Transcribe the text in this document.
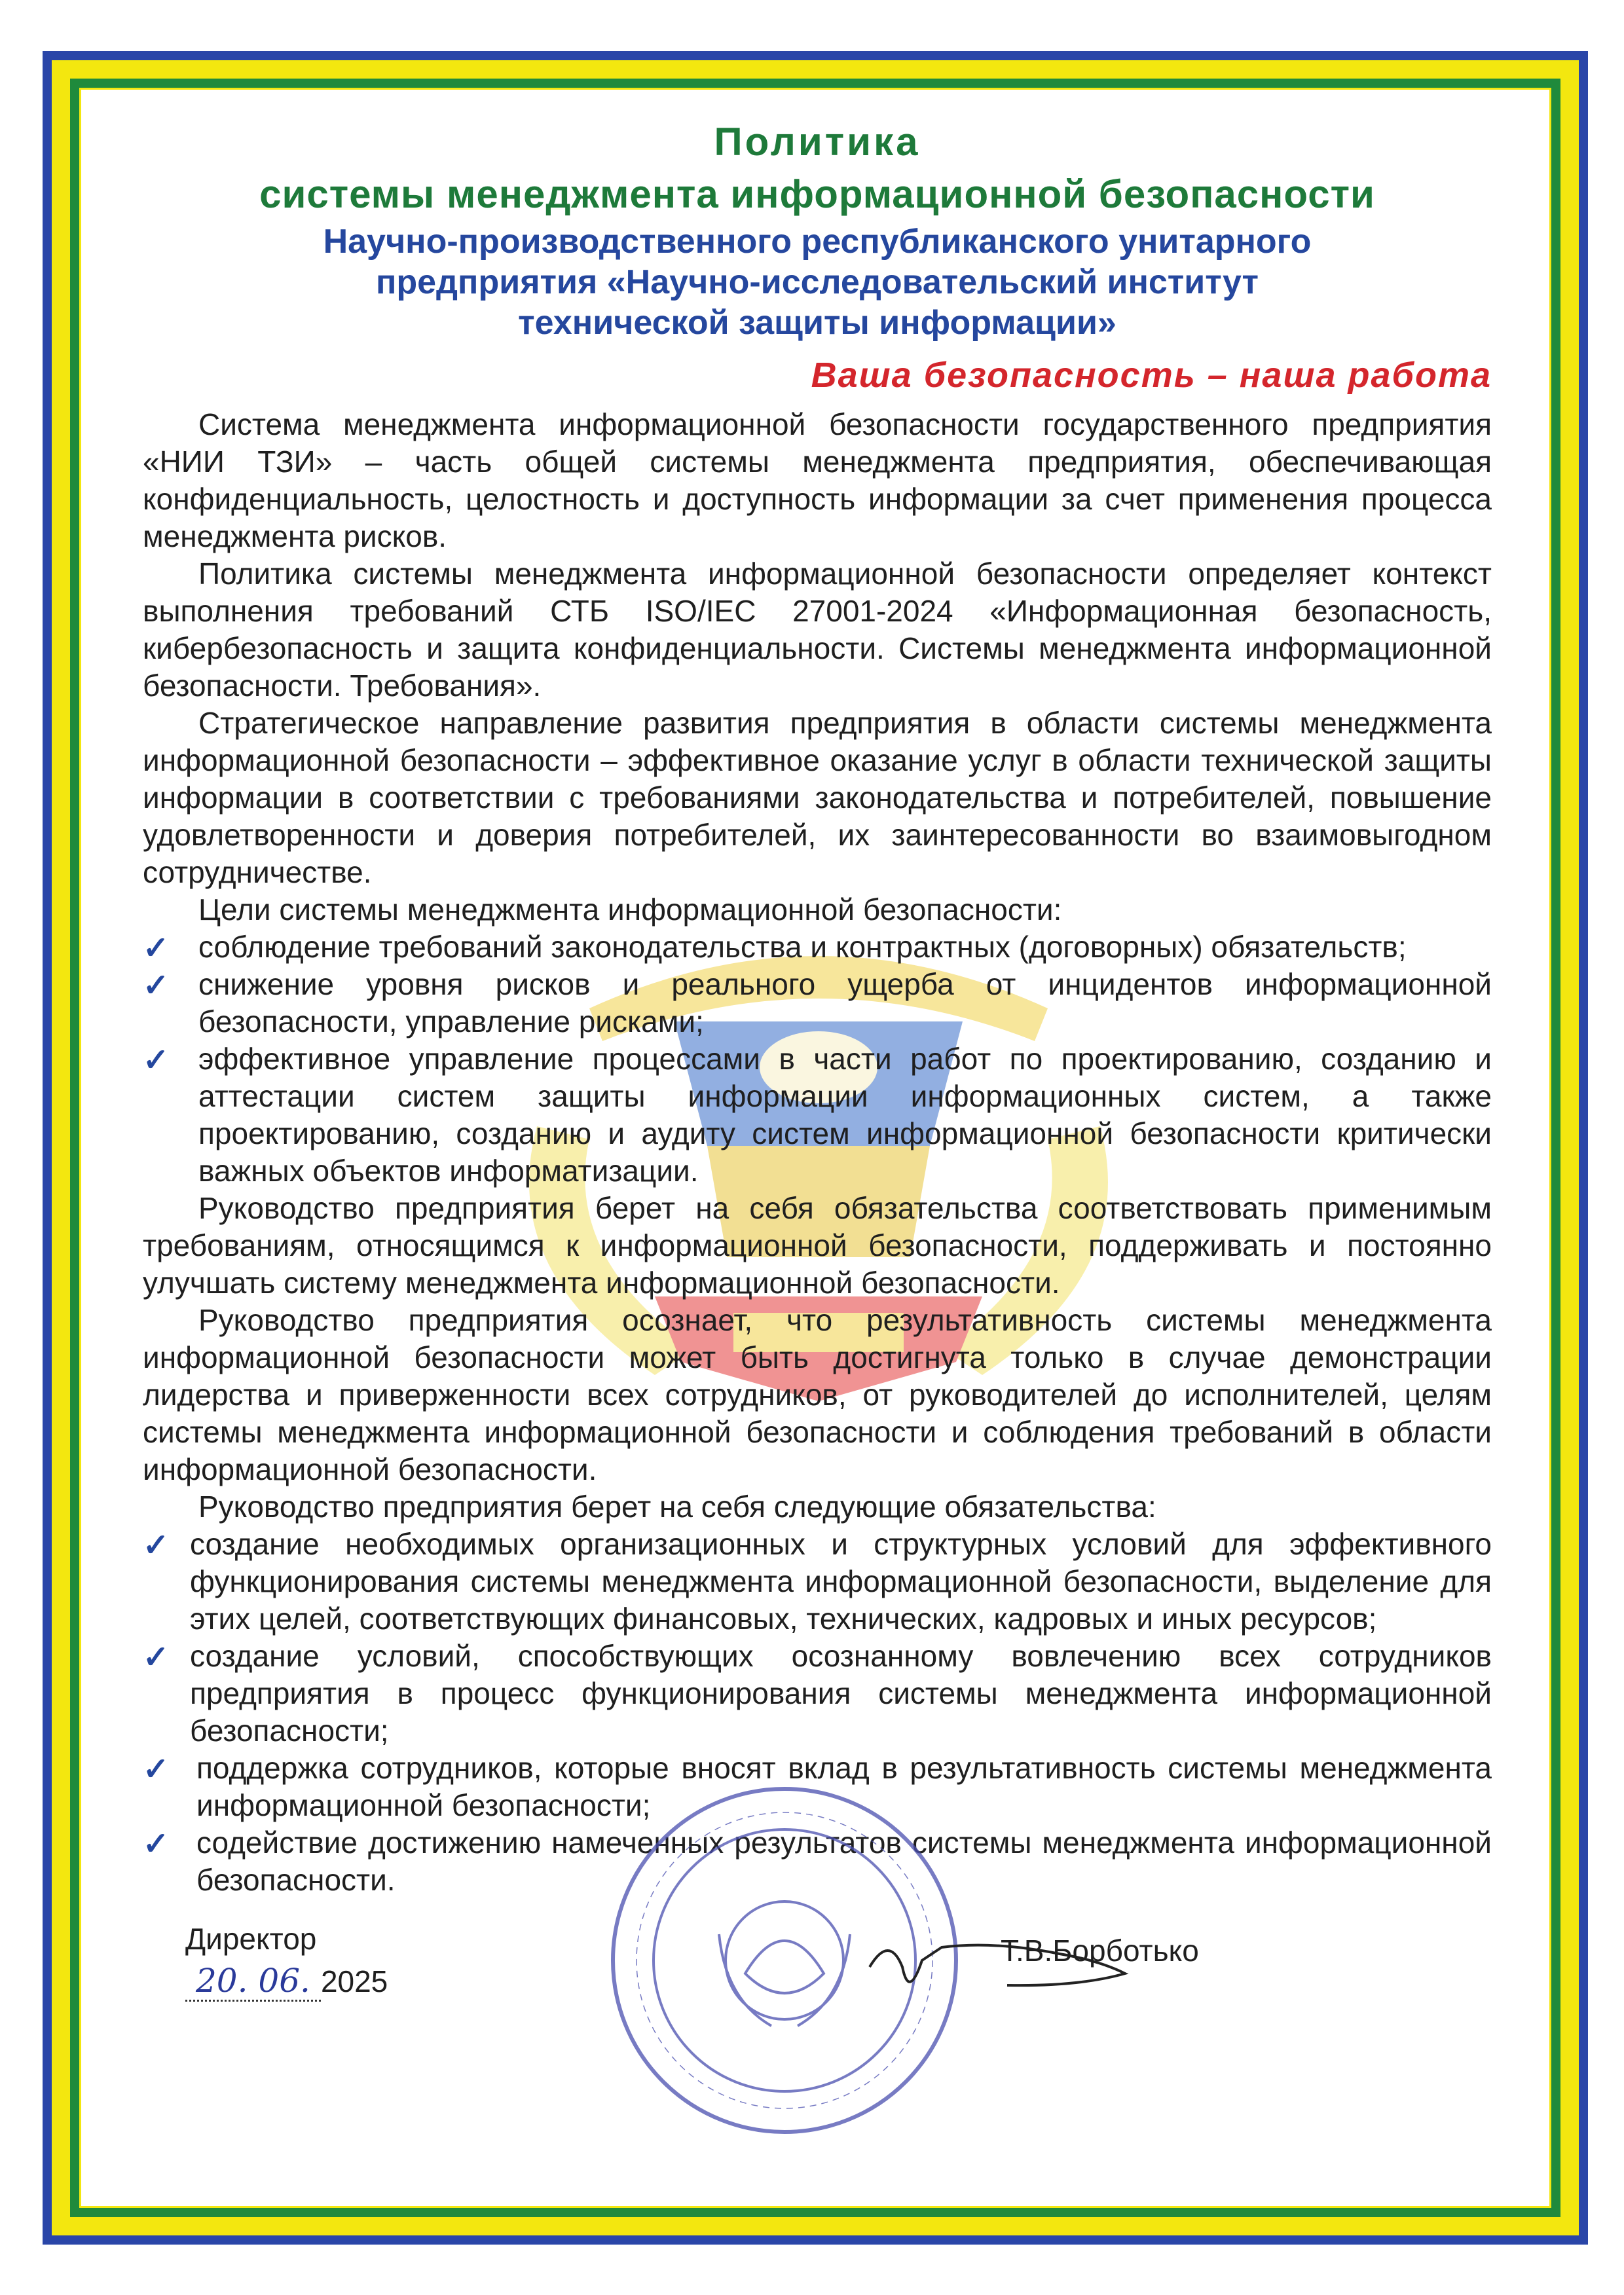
Политика
системы менеджмента информационной безопасности
Научно-производственного республиканского унитарного
предприятия «Научно-исследовательский институт
технической защиты информации»
Ваша безопасность – наша работа

Система менеджмента информационной безопасности государственного предприятия «НИИ ТЗИ» – часть общей системы менеджмента предприятия, обеспечивающая конфиденциальность, целостность и доступность информации за счет применения процесса менеджмента рисков.

Политика системы менеджмента информационной безопасности определяет контекст выполнения требований СТБ ISO/IEC 27001-2024 «Информационная безопасность, кибербезопасность и защита конфиденциальности. Системы менеджмента информационной безопасности. Требования».

Стратегическое направление развития предприятия в области системы менеджмента информационной безопасности – эффективное оказание услуг в области технической защиты информации в соответствии с требованиями законодательства и потребителей, повышение удовлетворенности и доверия потребителей, их заинтересованности во взаимовыгодном сотрудничестве.

Цели системы менеджмента информационной безопасности:

✓ соблюдение требований законодательства и контрактных (договорных) обязательств;
✓ снижение уровня рисков и реального ущерба от инцидентов информационной безопасности, управление рисками;
✓ эффективное управление процессами в части работ по проектированию, созданию и аттестации систем защиты информации информационных систем, а также проектированию, созданию и аудиту систем информационной безопасности критически важных объектов информатизации.

Руководство предприятия берет на себя обязательства соответствовать применимым требованиям, относящимся к информационной безопасности, поддерживать и постоянно улучшать систему менеджмента информационной безопасности.

Руководство предприятия осознает, что результативность системы менеджмента информационной безопасности может быть достигнута только в случае демонстрации лидерства и приверженности всех сотрудников, от руководителей до исполнителей, целям системы менеджмента информационной безопасности и соблюдения требований в области информационной безопасности.

Руководство предприятия берет на себя следующие обязательства:

✓ создание необходимых организационных и структурных условий для эффективного функционирования системы менеджмента информационной безопасности, выделение для этих целей, соответствующих финансовых, технических, кадровых и иных ресурсов;
✓ создание условий, способствующих осознанному вовлечению всех сотрудников предприятия в процесс функционирования системы менеджмента информационной безопасности;
✓ поддержка сотрудников, которые вносят вклад в результативность системы менеджмента информационной безопасности;
✓ содействие достижению намеченных результатов системы менеджмента информационной безопасности.
Директор
20. 06. 2025
Т.В.Борботько
